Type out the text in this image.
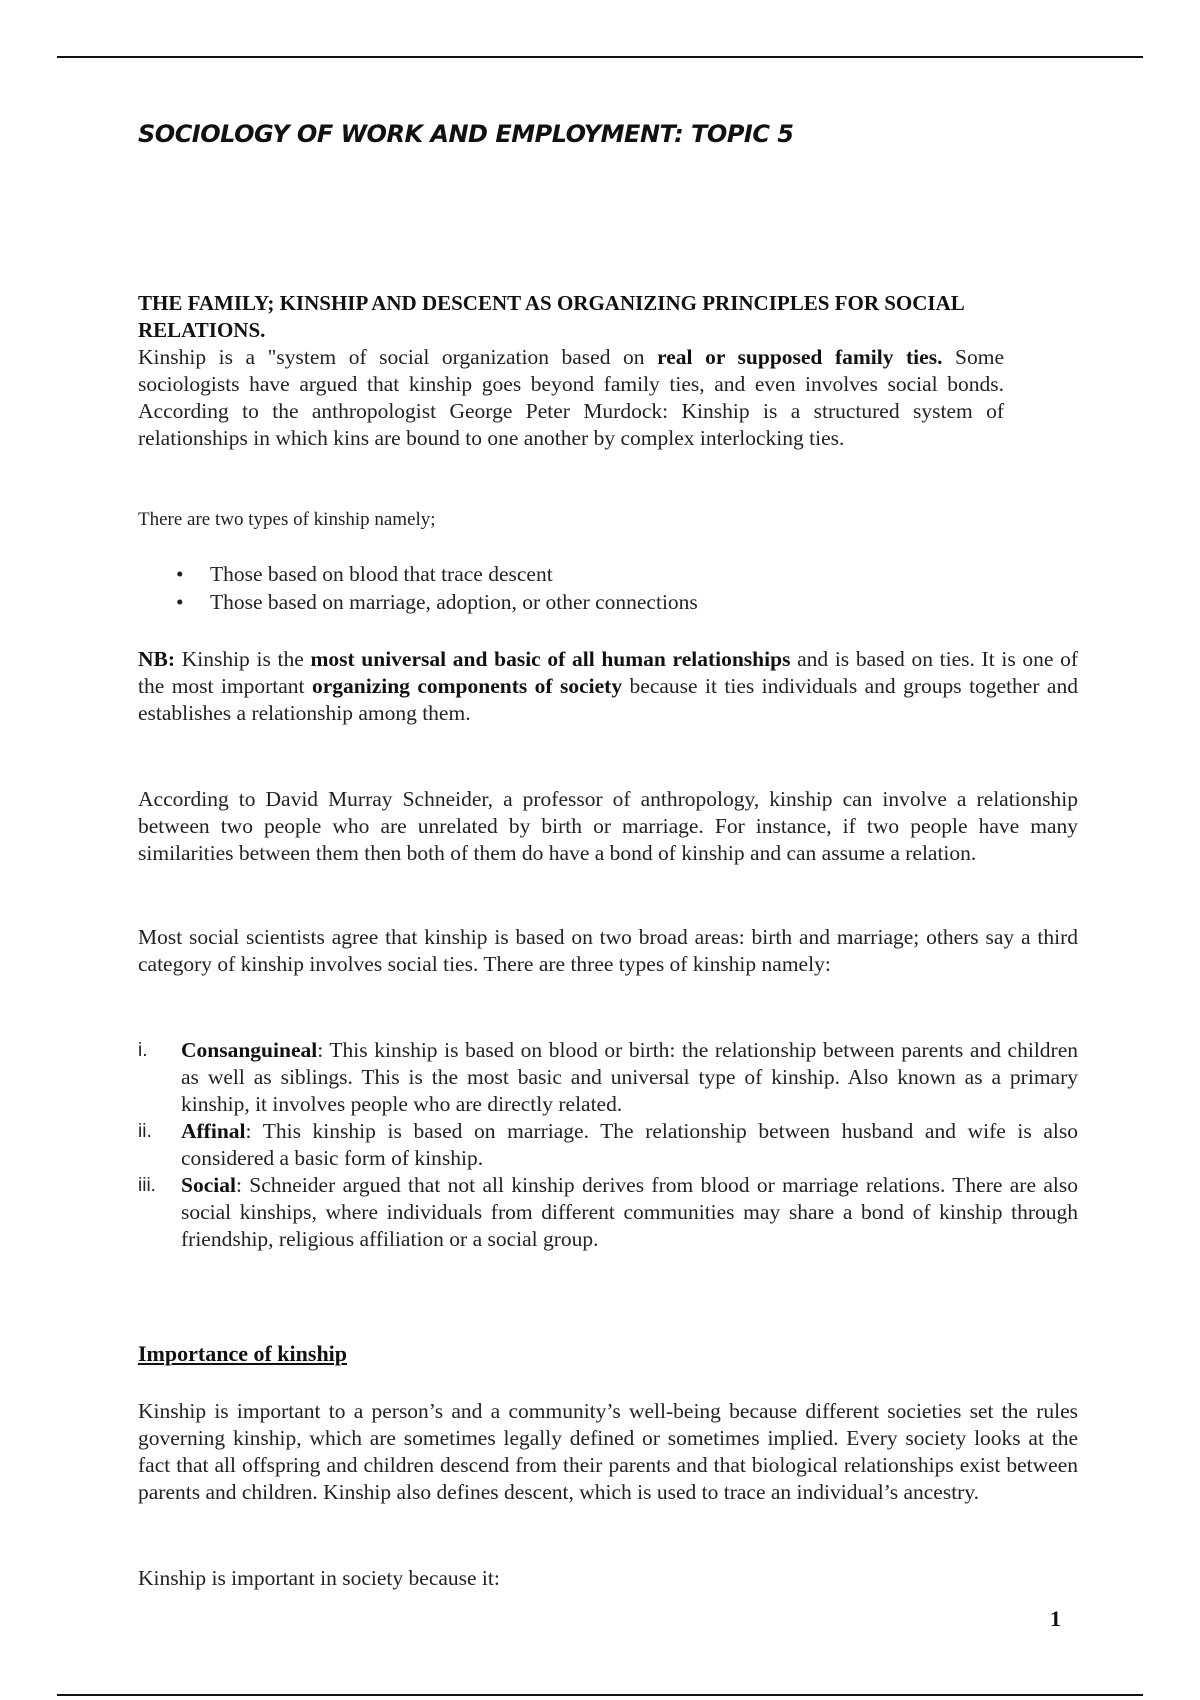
SOCIOLOGY OF WORK AND EMPLOYMENT: TOPIC 5
THE FAMILY; KINSHIP AND DESCENT AS ORGANIZING PRINCIPLES FOR SOCIAL RELATIONS.

Kinship is a "system of social organization based on real or supposed family ties. Some sociologists have argued that kinship goes beyond family ties, and even involves social bonds. According to the anthropologist George Peter Murdock: Kinship is a structured system of relationships in which kins are bound to one another by complex interlocking ties.

There are two types of kinship namely;

• Those based on blood that trace descent
• Those based on marriage, adoption, or other connections

NB: Kinship is the most universal and basic of all human relationships and is based on ties. It is one of the most important organizing components of society because it ties individuals and groups together and establishes a relationship among them.

According to David Murray Schneider, a professor of anthropology, kinship can involve a relationship between two people who are unrelated by birth or marriage. For instance, if two people have many similarities between them then both of them do have a bond of kinship and can assume a relation.

Most social scientists agree that kinship is based on two broad areas: birth and marriage; others say a third category of kinship involves social ties. There are three types of kinship namely:

i. Consanguineal: This kinship is based on blood or birth: the relationship between parents and children as well as siblings. This is the most basic and universal type of kinship. Also known as a primary kinship, it involves people who are directly related.
ii. Affinal: This kinship is based on marriage. The relationship between husband and wife is also considered a basic form of kinship.
iii. Social: Schneider argued that not all kinship derives from blood or marriage relations. There are also social kinships, where individuals from different communities may share a bond of kinship through friendship, religious affiliation or a social group.
Importance of kinship

Kinship is important to a person’s and a community’s well-being because different societies set the rules governing kinship, which are sometimes legally defined or sometimes implied. Every society looks at the fact that all offspring and children descend from their parents and that biological relationships exist between parents and children. Kinship also defines descent, which is used to trace an individual’s ancestry.

Kinship is important in society because it:

1
